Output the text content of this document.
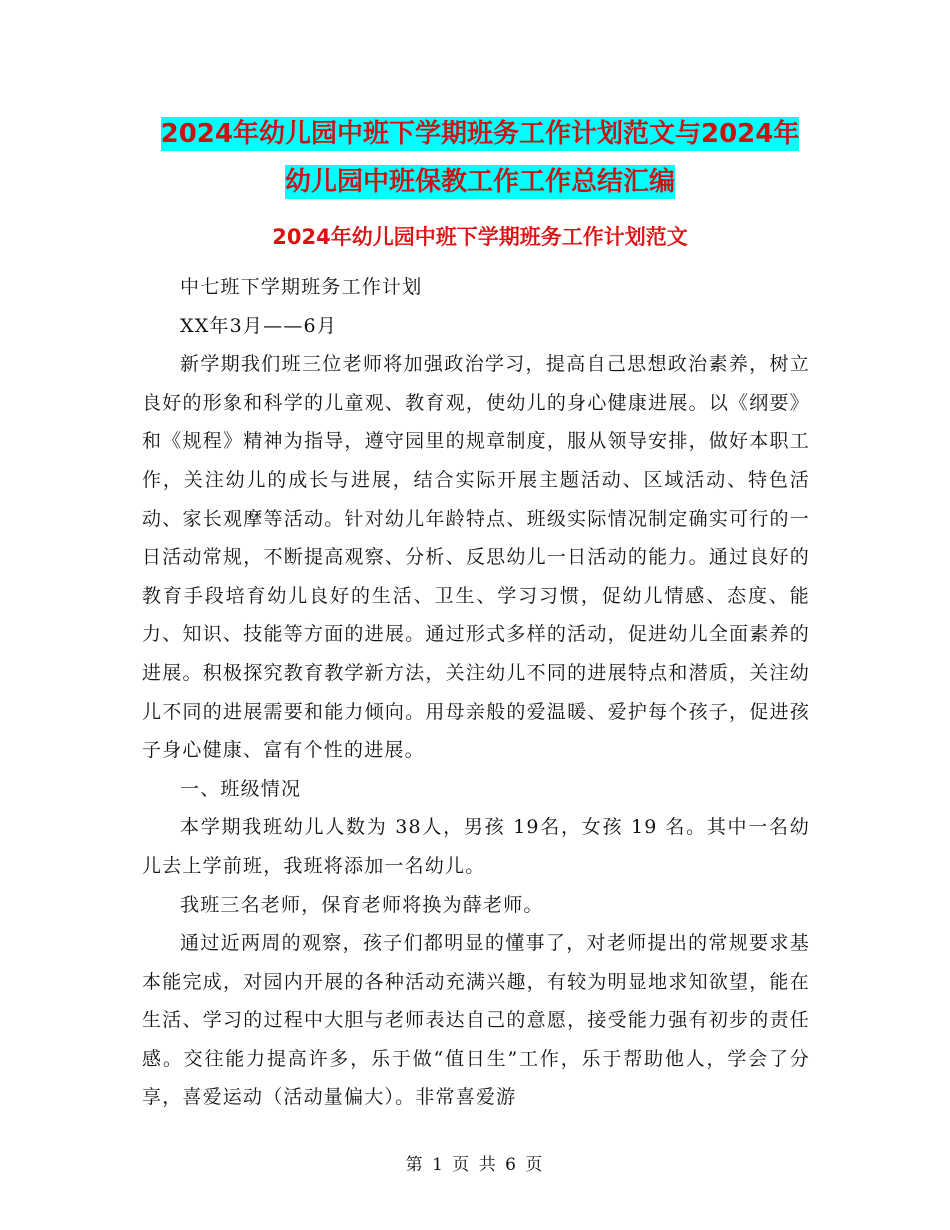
2024年幼儿园中班下学期班务工作计划范文与2024年
幼儿园中班保教工作工作总结汇编
2024年幼儿园中班下学期班务工作计划范文

中七班下学期班务工作计划

XX年3月——6月

新学期我们班三位老师将加强政治学习，提高自己思想政治素养，树立良好的形象和科学的儿童观、教育观，使幼儿的身心健康进展。以《纲要》和《规程》精神为指导，遵守园里的规章制度，服从领导安排，做好本职工作，关注幼儿的成长与进展，结合实际开展主题活动、区域活动、特色活动、家长观摩等活动。针对幼儿年龄特点、班级实际情况制定确实可行的一日活动常规，不断提高观察、分析、反思幼儿一日活动的能力。通过良好的教育手段培育幼儿良好的生活、卫生、学习习惯，促幼儿情感、态度、能力、知识、技能等方面的进展。通过形式多样的活动，促进幼儿全面素养的进展。积极探究教育教学新方法，关注幼儿不同的进展特点和潜质，关注幼儿不同的进展需要和能力倾向。用母亲般的爱温暖、爱护每个孩子，促进孩子身心健康、富有个性的进展。

一、班级情况

本学期我班幼儿人数为 38人，男孩 19名，女孩 19 名。其中一名幼儿去上学前班，我班将添加一名幼儿。

我班三名老师，保育老师将换为薛老师。

通过近两周的观察，孩子们都明显的懂事了，对老师提出的常规要求基本能完成，对园内开展的各种活动充满兴趣，有较为明显地求知欲望，能在生活、学习的过程中大胆与老师表达自己的意愿，接受能力强有初步的责任感。交往能力提高许多，乐于做“值日生”工作，乐于帮助他人，学会了分享，喜爱运动（活动量偏大）。非常喜爱游

第 1 页 共 6 页
